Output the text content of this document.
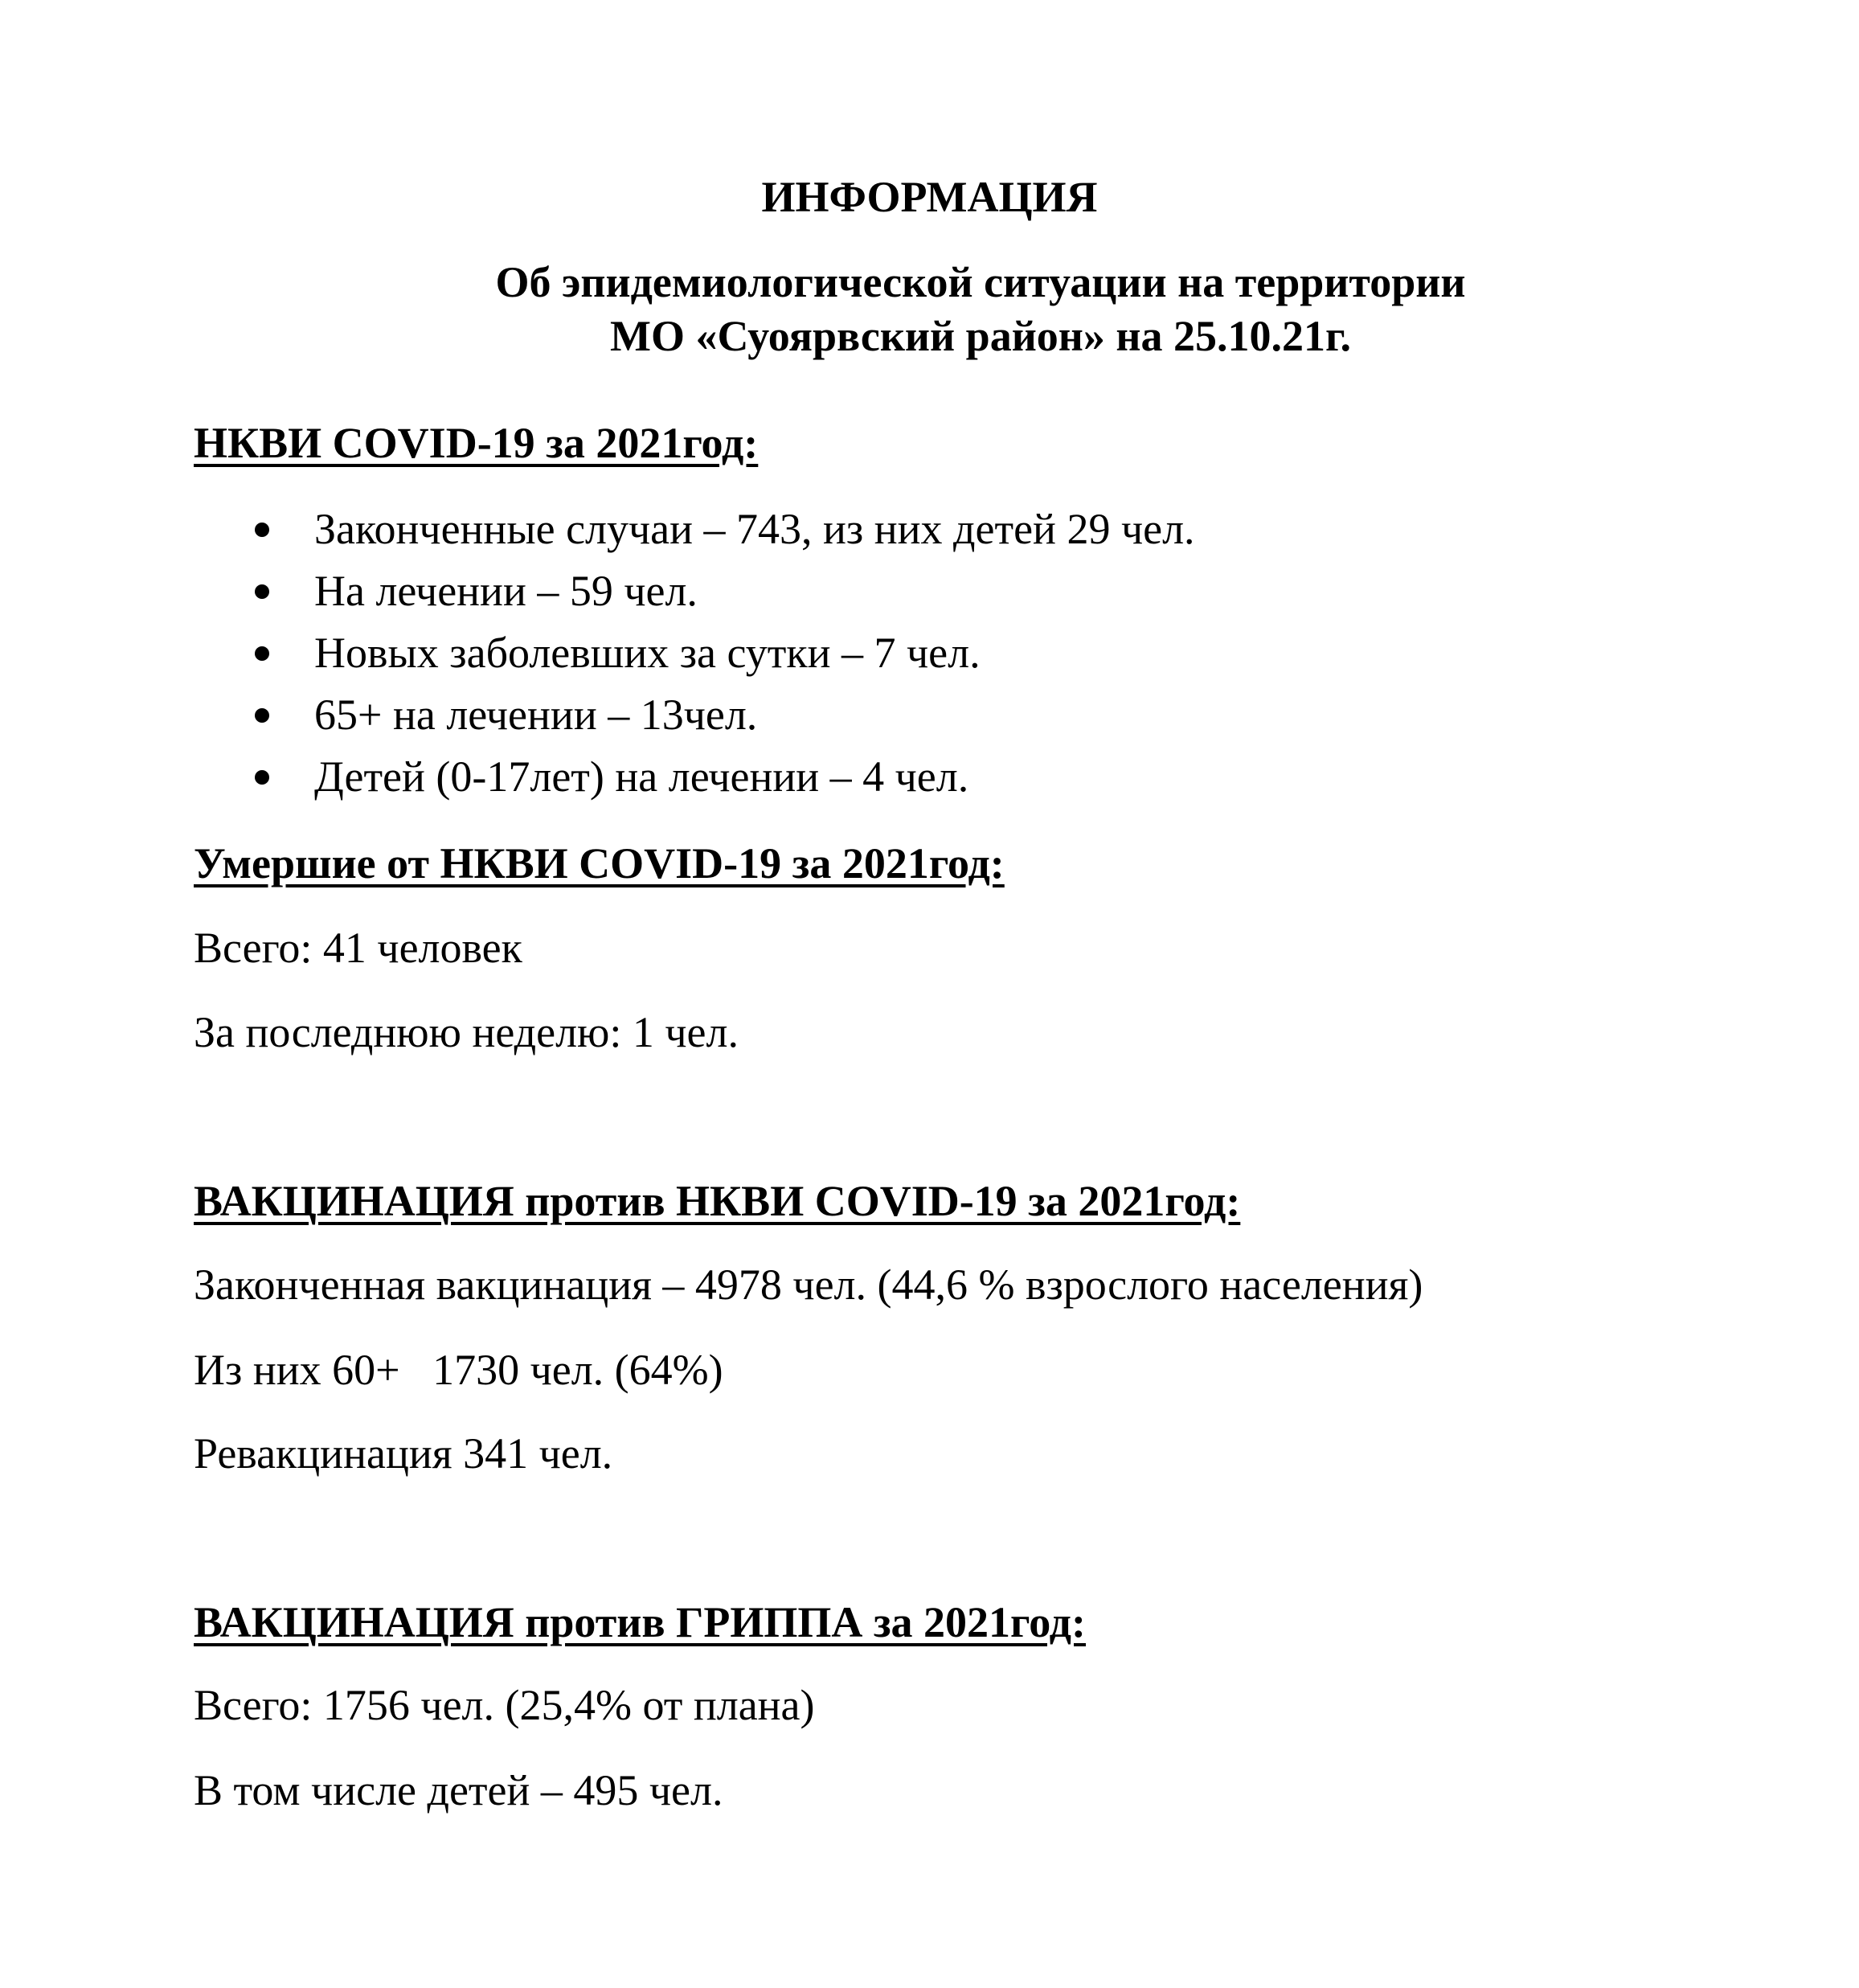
ИНФОРМАЦИЯ

Об эпидемиологической ситуации на территории

МО «Суоярвский район» на 25.10.21г.

НКВИ COVID-19 за 2021год:
Законченные случаи – 743, из них детей 29 чел.
На лечении – 59 чел.
Новых заболевших за сутки – 7 чел.
65+ на лечении – 13чел.
Детей (0-17лет) на лечении – 4 чел.
Умершие от НКВИ COVID-19 за 2021год:

Всего: 41 человек

За последнюю неделю: 1 чел.

ВАКЦИНАЦИЯ против НКВИ COVID-19 за 2021год:

Законченная вакцинация – 4978 чел. (44,6 % взрослого населения)

Из них 60+   1730 чел. (64%)

Ревакцинация 341 чел.

ВАКЦИНАЦИЯ против ГРИППА за 2021год:

Всего: 1756 чел. (25,4% от плана)

В том числе детей – 495 чел.
